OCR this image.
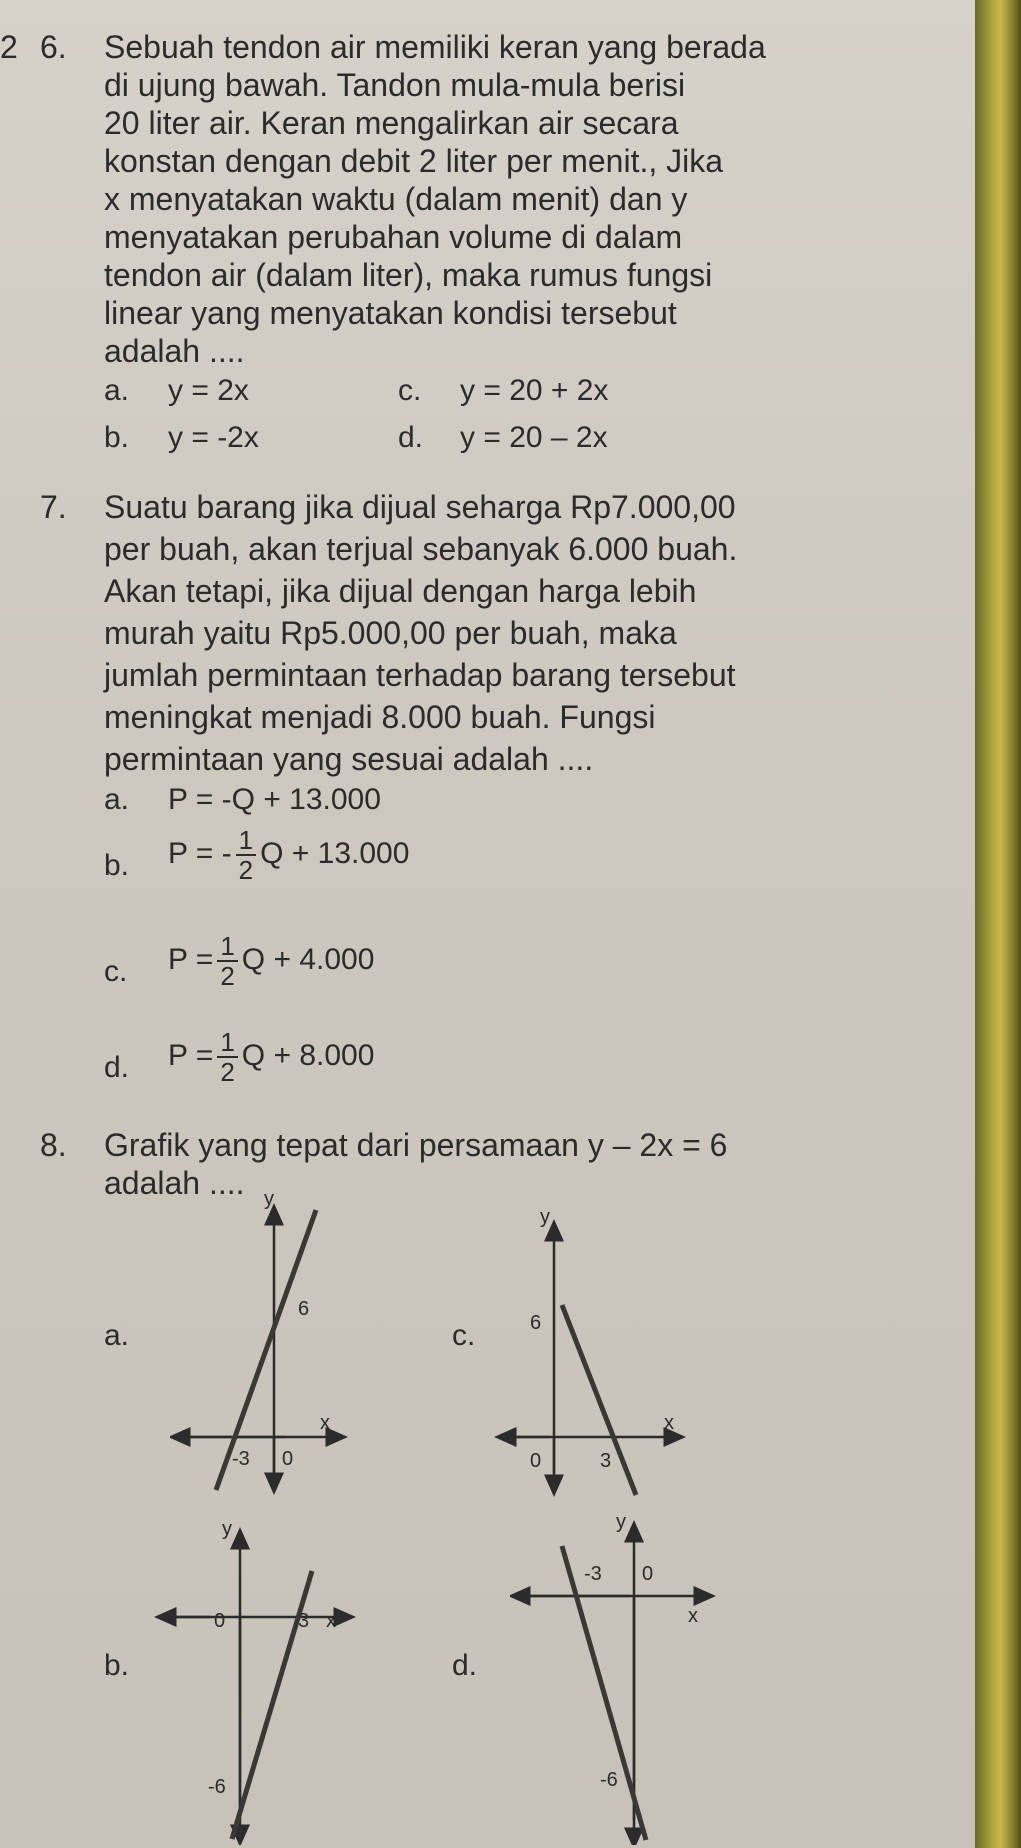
2 6. Sebuah tendon air memiliki keran yang berada
di ujung bawah. Tandon mula-mula berisi
20 liter air. Keran mengalirkan air secara
konstan dengan debit 2 liter per menit., Jika
x menyatakan waktu (dalam menit) dan y
menyatakan perubahan volume di dalam
tendon air (dalam liter), maka rumus fungsi
linear yang menyatakan kondisi tersebut
adalah ....
a. y = 2x
b. y = -2x
c. y = 20 + 2x
d. y = 20 – 2x
7. Suatu barang jika dijual seharga Rp7.000,00
per buah, akan terjual sebanyak 6.000 buah.
Akan tetapi, jika dijual dengan harga lebih
murah yaitu Rp5.000,00 per buah, maka
jumlah permintaan terhadap barang tersebut
meningkat menjadi 8.000 buah. Fungsi
permintaan yang sesuai adalah ....
a. P = -Q + 13.000
b. P = - $\frac{1}{2}$ Q + 13.000
c. $P = \frac{1}{2}$ Q + 4.000
d. $P = \frac{1}{2}$ Q + 8.000
8. Grafik yang tepat dari persamaan y – 2x = 6
adalah ....
a.
b.
c.
d.
y
x
-3 0
6
y
x
0	3
6
y
x
0	3
-6
y
x
-3 0
-6
